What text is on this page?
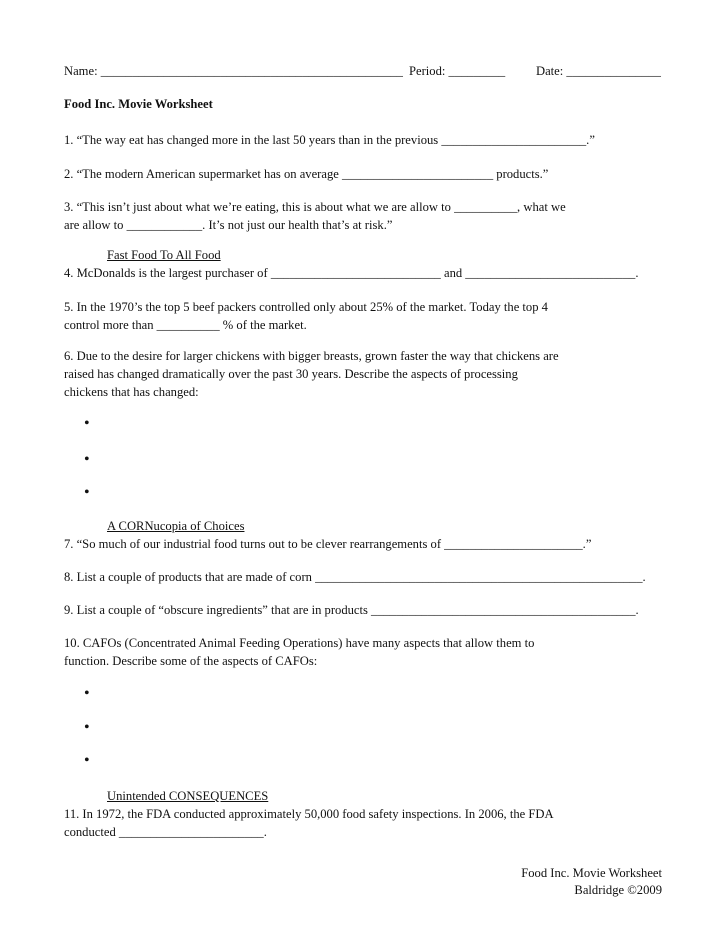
Name: ________________________________________________ Period: _________ Date: _______________
Food Inc. Movie Worksheet
1. “The way eat has changed more in the last 50 years than in the previous _______________________.”
2. “The modern American supermarket has on average ________________________ products.”
3. “This isn’t just about what we’re eating, this is about what we are allow to __________, what we
are allow to ____________. It’s not just our health that’s at risk.”
Fast Food To All Food
4. McDonalds is the largest purchaser of ___________________________ and ___________________________.
5. In the 1970’s the top 5 beef packers controlled only about 25% of the market. Today the top 4
control more than __________ % of the market.
6. Due to the desire for larger chickens with bigger breasts, grown faster the way that chickens are
raised has changed dramatically over the past 30 years. Describe the aspects of processing
chickens that has changed:
•
•
•
A CORNucopia of Choices
7. “So much of our industrial food turns out to be clever rearrangements of ______________________.”
8. List a couple of products that are made of corn ____________________________________________________.
9. List a couple of “obscure ingredients” that are in products __________________________________________.
10. CAFOs (Concentrated Animal Feeding Operations) have many aspects that allow them to
function. Describe some of the aspects of CAFOs:
•
•
•
Unintended CONSEQUENCES
11. In 1972, the FDA conducted approximately 50,000 food safety inspections. In 2006, the FDA
conducted _______________________.
Food Inc. Movie Worksheet
Baldridge ©2009
